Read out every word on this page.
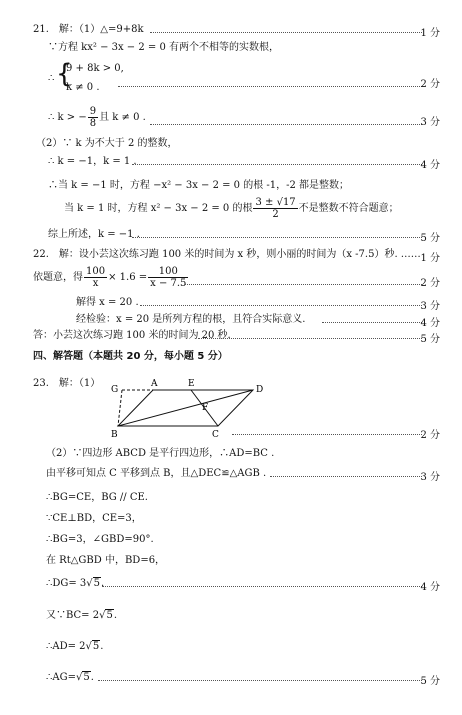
21.　解：（1）△=9+8k	1 分
∵方程 kx² − 3x − 2 = 0 有两个不相等的实数根，
∴ {
9 + 8k > 0,
k ≠ 0 .	2 分
∴ k > − $\frac{9}{8}$ 且 k ≠ 0 .	3 分
（2）∵ k 为不大于 2 的整数，
∴ k = −1，k = 1 .	4 分
∴当 k = −1 时，方程 −x² − 3x − 2 = 0 的根 -1，-2 都是整数；
当 k = 1 时，方程 x² − 3x − 2 = 0 的根 $\frac{3 \pm √17}{2}$ 不是整数不符合题意；
综上所述，k = −1 .	5 分
22.　解：设小芸这次练习跑 100 米的时间为 x 秒，则小丽的时间为（x -7.5）秒. …… 1 分
依题意，得 $\frac{100}{x} \times 1.6 = \frac{100}{x - 7.5}$	2 分
解得 x = 20 .	3 分
经检验：x = 20 是所列方程的根，且符合实际意义.	4 分
答：小芸这次练习跑 100 米的时间为 20 秒.	5 分
四、解答题（本题共 20 分，每小题 5 分）
23.　解：（1）
G
A	E
D
F
B	C	2 分
（2）∵四边形 ABCD 是平行四边形，∴AD=BC .
由平移可知点 C 平移到点 B，且△DEC≌△AGB .	3 分
∴BG=CE，BG // CE.
∵CE⊥BD，CE=3，
∴BG=3，∠GBD=90°.
在 Rt△GBD 中，BD=6，
∴DG= 3√5.	4 分
又∵BC= 2√5.
∴AD= 2√5.
∴AG=√5.	5 分
